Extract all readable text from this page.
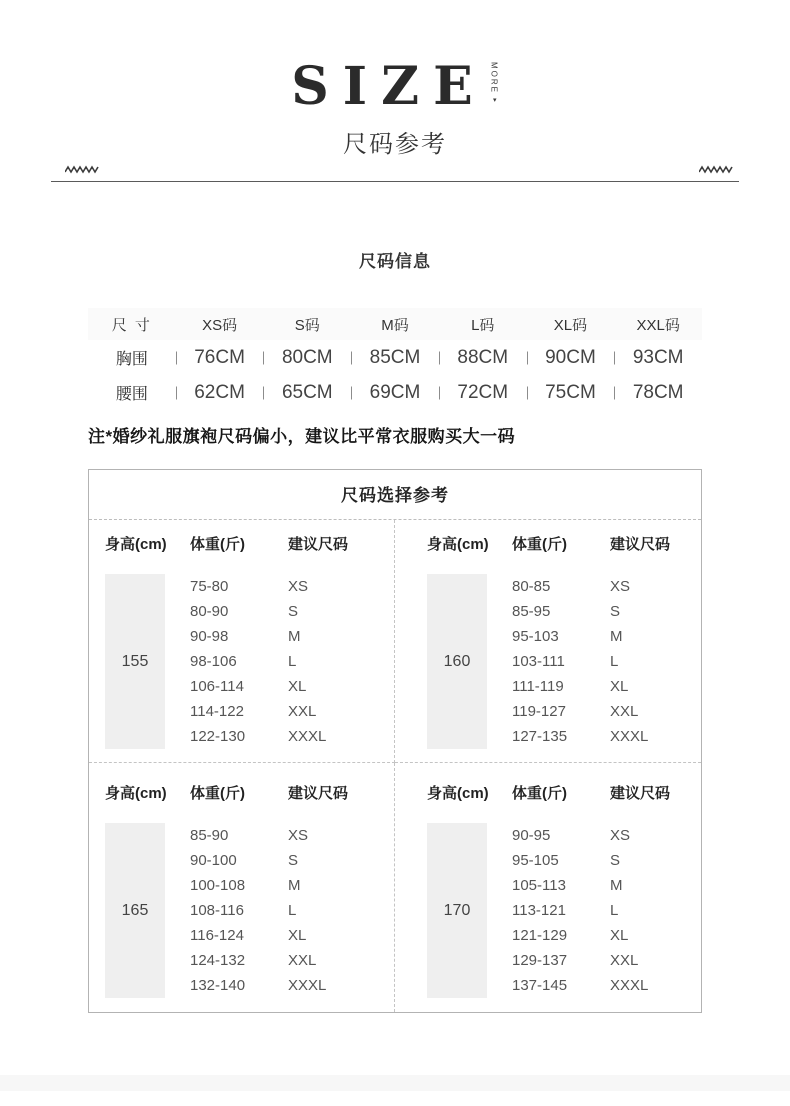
SIZE MORE▾
尺码参考
尺码信息
尺 寸	XS码	S码	M码	L码	XL码	XXL码
胸围	76CM	80CM	85CM	88CM	90CM	93CM
腰围	62CM	65CM	69CM	72CM	75CM	78CM

注*婚纱礼服旗袍尺码偏小，建议比平常衣服购买大一码

尺码选择参考
身高(cm)	体重(斤)	建议尺码
155
75-80	XS
80-90	S
90-98	M
98-106	L
106-114	XL
114-122	XXL
122-130	XXXL
身高(cm)	体重(斤)	建议尺码
160
80-85	XS
85-95	S
95-103	M
103-111	L
111-119	XL
119-127	XXL
127-135	XXXL
身高(cm)	体重(斤)	建议尺码
165
85-90	XS
90-100	S
100-108	M
108-116	L
116-124	XL
124-132	XXL
132-140	XXXL
身高(cm)	体重(斤)	建议尺码
170
90-95	XS
95-105	S
105-113	M
113-121	L
121-129	XL
129-137	XXL
137-145	XXXL
